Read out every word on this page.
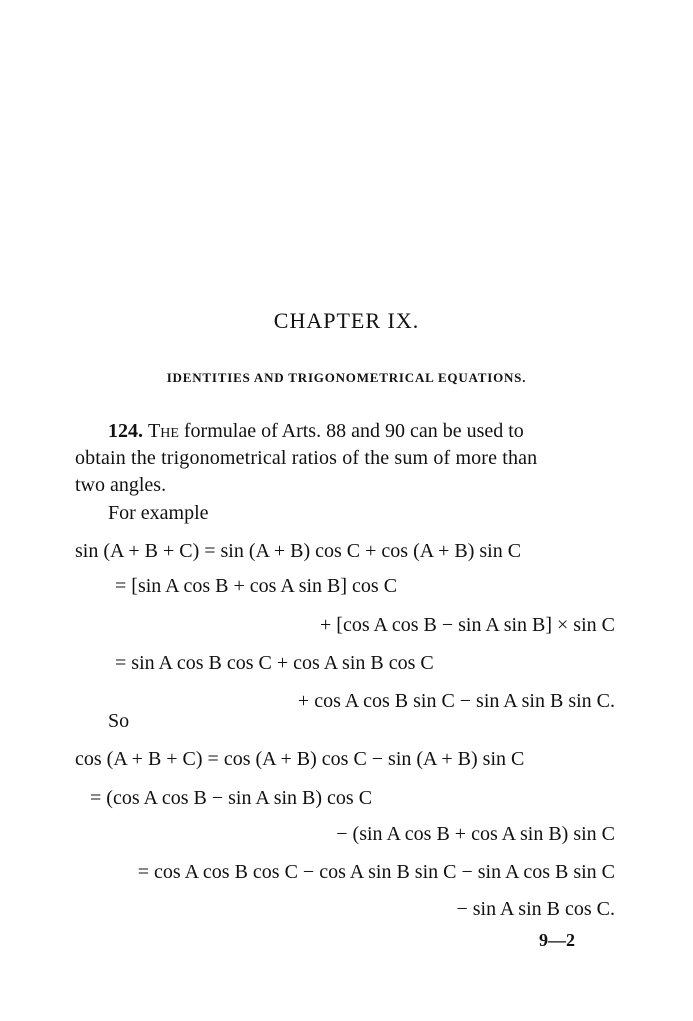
CHAPTER IX.
IDENTITIES AND TRIGONOMETRICAL EQUATIONS.
124. The formulae of Arts. 88 and 90 can be used to
obtain the trigonometrical ratios of the sum of more than
two angles.
For example
sin (A + B + C) = sin (A + B) cos C + cos (A + B) sin C
= [sin A cos B + cos A sin B] cos C
+ [cos A cos B − sin A sin B] × sin C
= sin A cos B cos C + cos A sin B cos C
+ cos A cos B sin C − sin A sin B sin C.
So
cos (A + B + C) = cos (A + B) cos C − sin (A + B) sin C
= (cos A cos B − sin A sin B) cos C
− (sin A cos B + cos A sin B) sin C
= cos A cos B cos C − cos A sin B sin C − sin A cos B sin C
− sin A sin B cos C.
9—2
